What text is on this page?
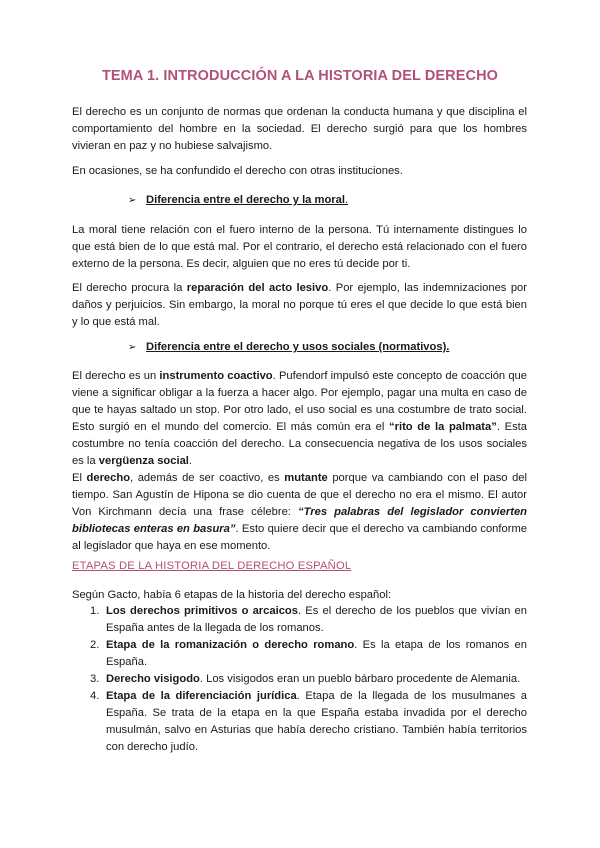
TEMA 1. INTRODUCCIÓN A LA HISTORIA DEL DERECHO

El derecho es un conjunto de normas que ordenan la conducta humana y que disciplina el comportamiento del hombre en la sociedad. El derecho surgió para que los hombres vivieran en paz y no hubiese salvajismo.

En ocasiones, se ha confundido el derecho con otras instituciones.

➢ Diferencia entre el derecho y la moral.

La moral tiene relación con el fuero interno de la persona. Tú internamente distingues lo que está bien de lo que está mal. Por el contrario, el derecho está relacionado con el fuero externo de la persona. Es decir, alguien que no eres tú decide por ti.

El derecho procura la reparación del acto lesivo. Por ejemplo, las indemnizaciones por daños y perjuicios. Sin embargo, la moral no porque tú eres el que decide lo que está bien y lo que está mal.

➢ Diferencia entre el derecho y usos sociales (normativos).

El derecho es un instrumento coactivo. Pufendorf impulsó este concepto de coacción que viene a significar obligar a la fuerza a hacer algo. Por ejemplo, pagar una multa en caso de que te hayas saltado un stop. Por otro lado, el uso social es una costumbre de trato social. Esto surgió en el mundo del comercio. El más común era el “rito de la palmata”. Esta costumbre no tenía coacción del derecho. La consecuencia negativa de los usos sociales es la vergüenza social.

El derecho, además de ser coactivo, es mutante porque va cambiando con el paso del tiempo. San Agustín de Hipona se dio cuenta de que el derecho no era el mismo. El autor Von Kirchmann decía una frase célebre: “Tres palabras del legislador convierten bibliotecas enteras en basura”. Esto quiere decir que el derecho va cambiando conforme al legislador que haya en ese momento.

ETAPAS DE LA HISTORIA DEL DERECHO ESPAÑOL

Según Gacto, había 6 etapas de la historia del derecho español:

1. Los derechos primitivos o arcaicos. Es el derecho de los pueblos que vivían en España antes de la llegada de los romanos.
2. Etapa de la romanización o derecho romano. Es la etapa de los romanos en España.
3. Derecho visigodo. Los visigodos eran un pueblo bárbaro procedente de Alemania.
4. Etapa de la diferenciación jurídica. Etapa de la llegada de los musulmanes a España. Se trata de la etapa en la que España estaba invadida por el derecho musulmán, salvo en Asturias que había derecho cristiano. También había territorios con derecho judío.
